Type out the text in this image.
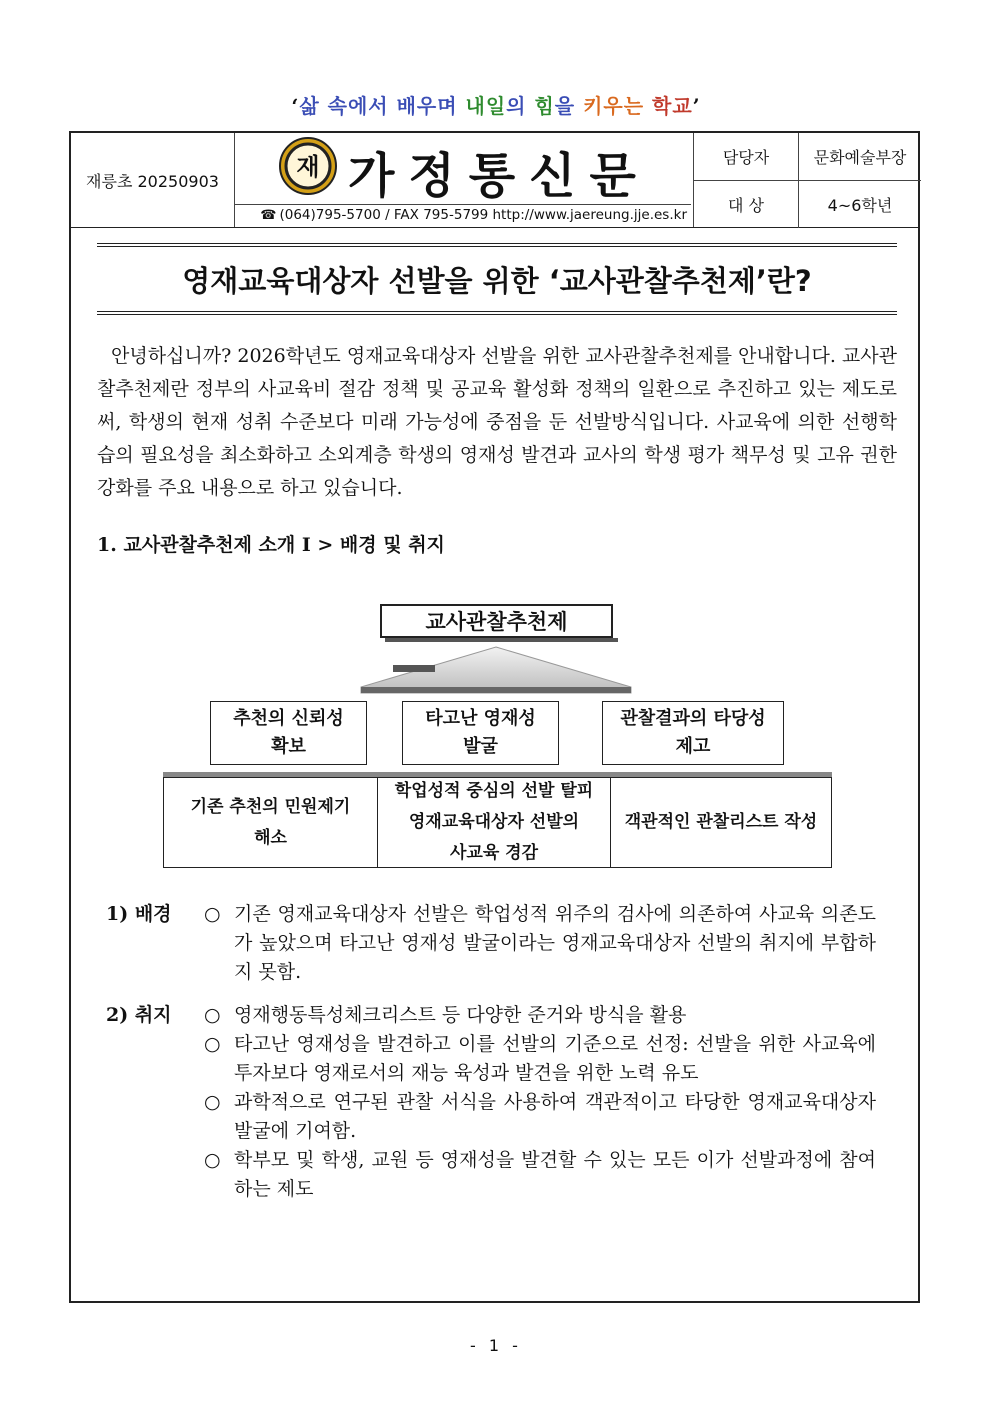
‘삶 속에서 배우며 내일의 힘을 키우는 학교’
재릉초 20250903	재 가정통신문
☎ (064)795-5700 / FAX 795-5799 http://www.jaereung.jje.es.kr
담당자	문화예술부장
대 상	4~6학년
영재교육대상자 선발을 위한 ‘교사관찰추천제’란?

안녕하십니까? 2026학년도 영재교육대상자 선발을 위한 교사관찰추천제를 안내합니다. 교사관찰추천제란 정부의 사교육비 절감 정책 및 공교육 활성화 정책의 일환으로 추진하고 있는 제도로써, 학생의 현재 성취 수준보다 미래 가능성에 중점을 둔 선발방식입니다. 사교육에 의한 선행학습의 필요성을 최소화하고 소외계층 학생의 영재성 발견과 교사의 학생 평가 책무성 및 고유 권한 강화를 주요 내용으로 하고 있습니다.

1. 교사관찰추천제 소개 Ⅰ > 배경 및 취지
교사관찰추천제
추천의 신뢰성
확보
타고난 영재성
발굴
관찰결과의 타당성
제고
기존 추천의 민원제기
해소
학업성적 중심의 선발 탈피
영재교육대상자 선발의
사교육 경감
객관적인 관찰리스트 작성
1) 배경 ○ 기존 영재교육대상자 선발은 학업성적 위주의 검사에 의존하여 사교육 의존도가 높았으며 타고난 영재성 발굴이라는 영재교육대상자 선발의 취지에 부합하지 못함.
2) 취지 ○ 영재행동특성체크리스트 등 다양한 준거와 방식을 활용
○ 타고난 영재성을 발견하고 이를 선발의 기준으로 선정: 선발을 위한 사교육에 투자보다 영재로서의 재능 육성과 발견을 위한 노력 유도
○ 과학적으로 연구된 관찰 서식을 사용하여 객관적이고 타당한 영재교육대상자 발굴에 기여함.
○ 학부모 및 학생, 교원 등 영재성을 발견할 수 있는 모든 이가 선발과정에 참여하는 제도
- 1 -
